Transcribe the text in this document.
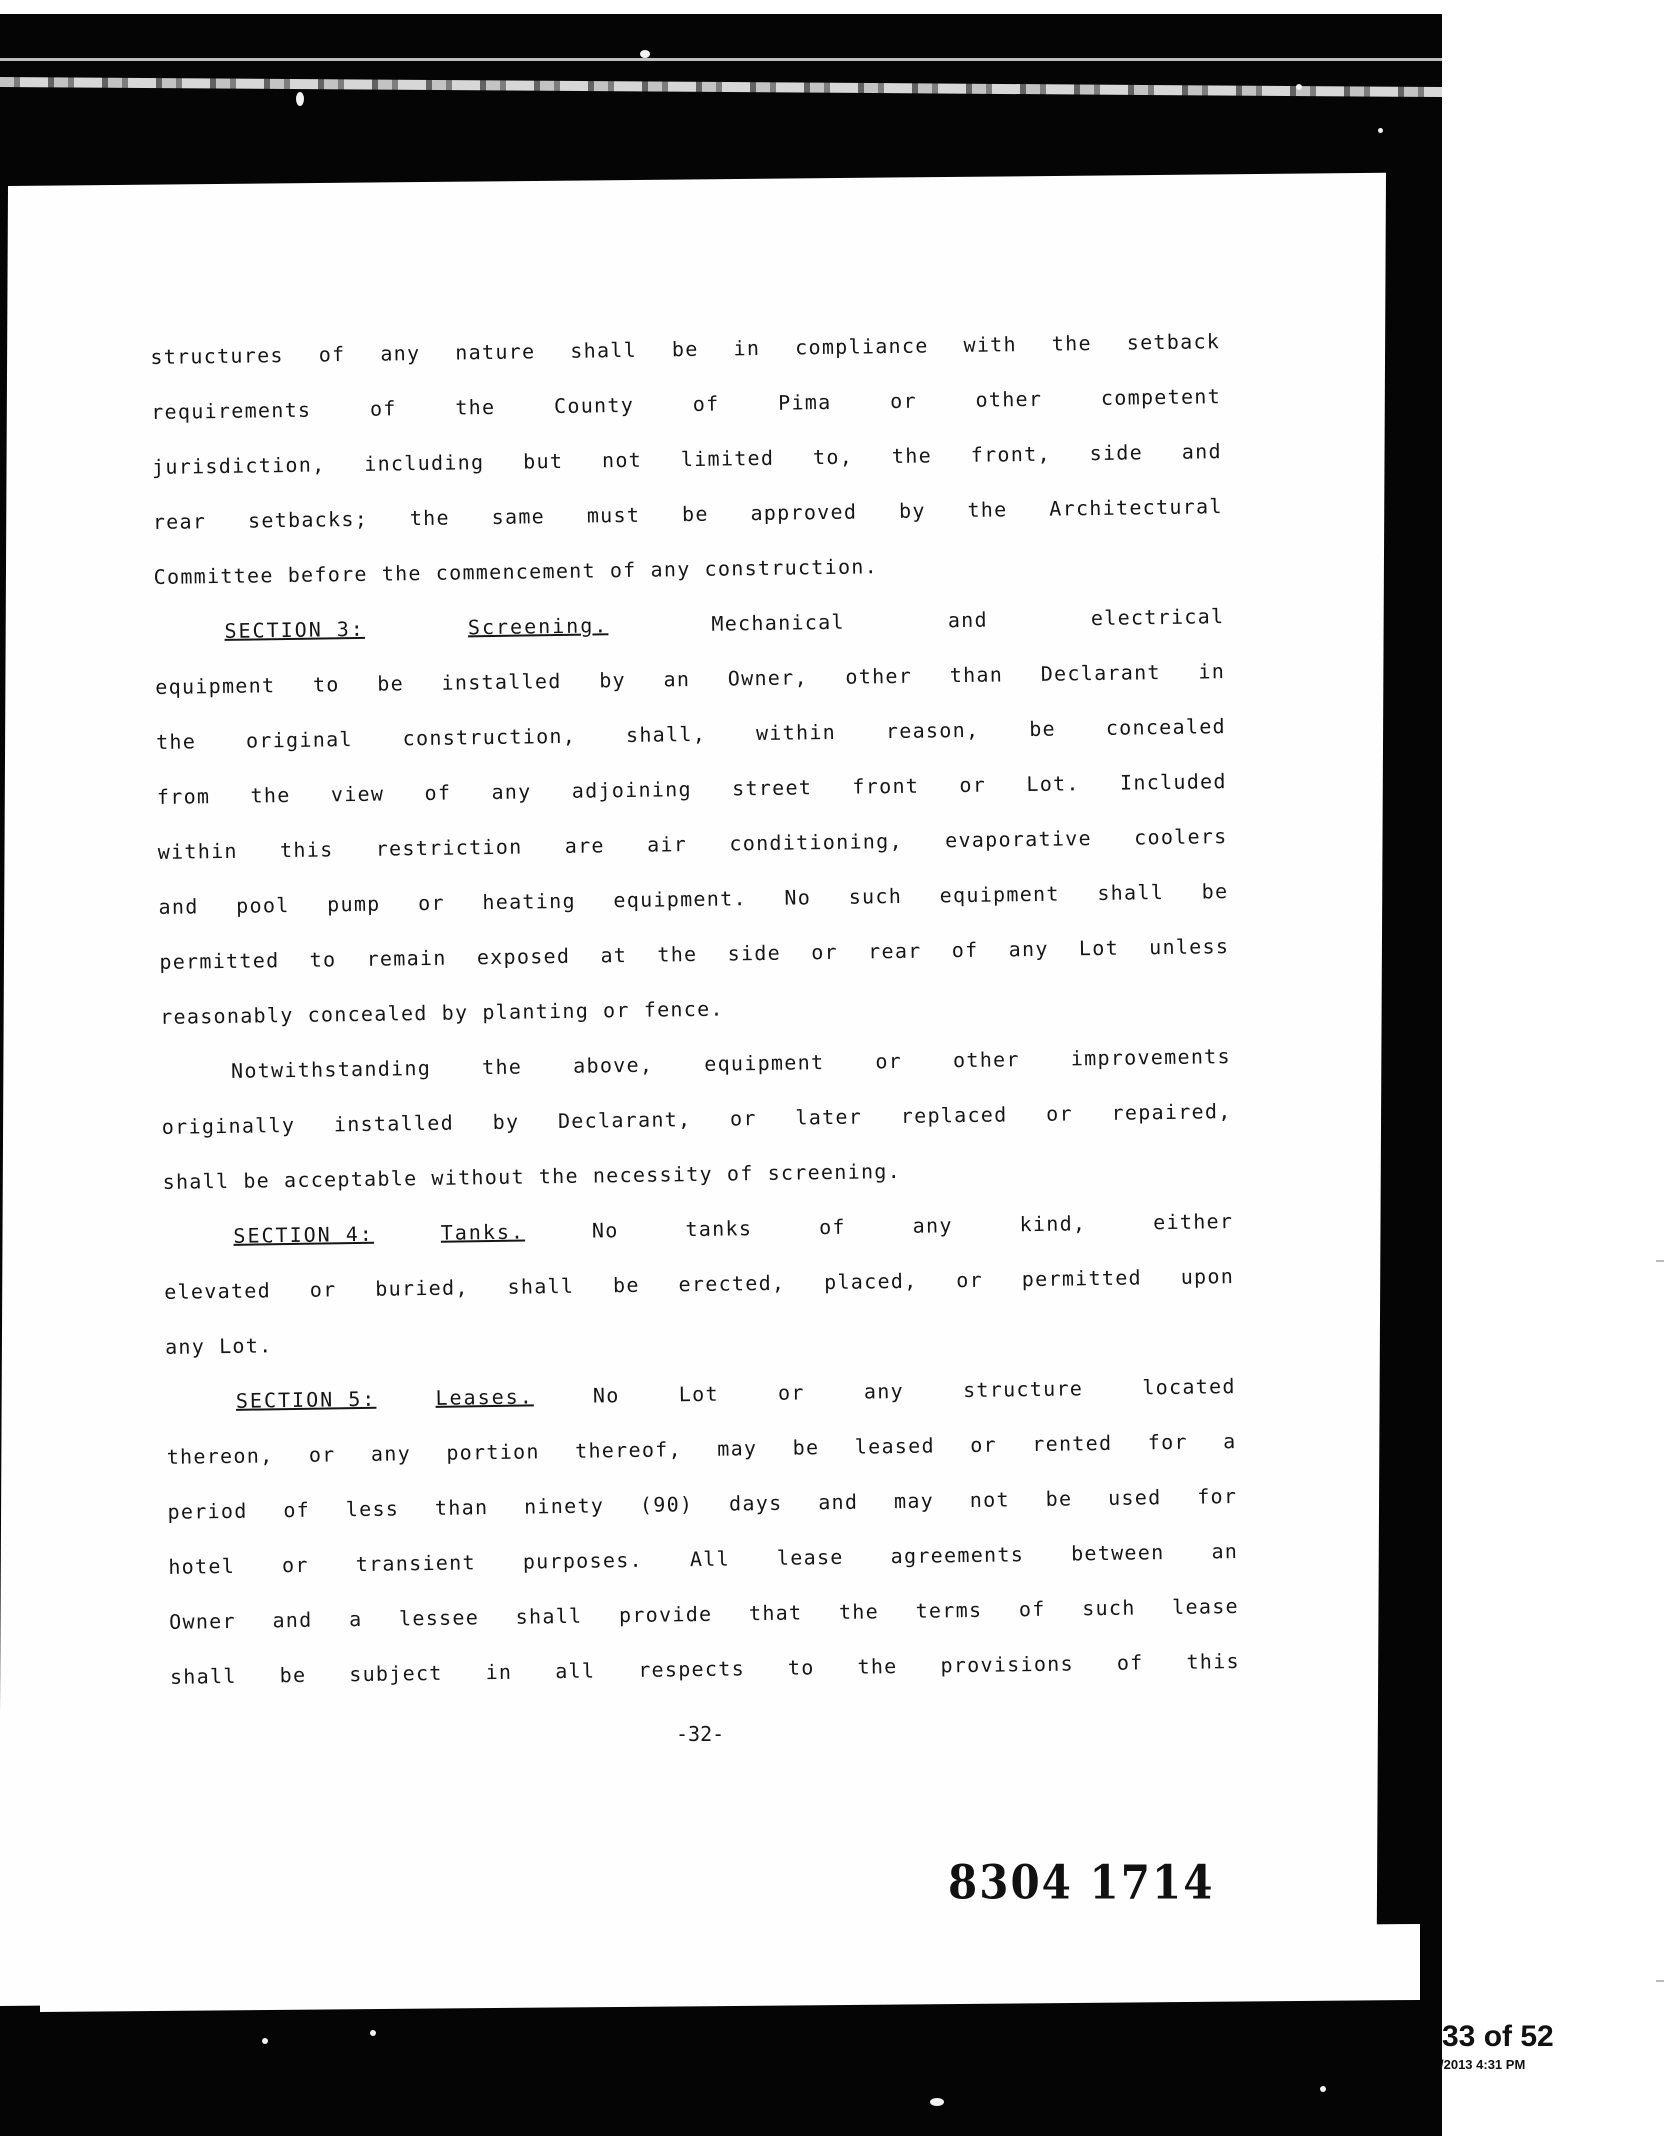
structures of any nature shall be in compliance with the setback
requirements	of	the	County	of	Pima	or	other	competent
jurisdiction, including but not limited to, the front, side and
rear setbacks; the same must be approved by the Architectural
Committee before the commencement of any construction.
SECTION 3:	Screening.	Mechanical	and	electrical
equipment to be installed by an Owner, other than Declarant in
the original construction, shall, within reason, be concealed
from the view of any adjoining street front or Lot. Included
within this restriction are air conditioning, evaporative coolers
and pool pump or heating equipment. No such equipment shall be
permitted to remain exposed at the side or rear of any Lot unless
reasonably concealed by planting or fence.
Notwithstanding	the	above,	equipment	or	other	improvements
originally installed by Declarant, or later replaced or repaired,
shall be acceptable without the necessity of screening.
SECTION 4:	Tanks.	No	tanks	of	any	kind,	either
elevated or buried, shall be erected, placed, or permitted upon
any Lot.
SECTION 5:	Leases.	No	Lot	or	any	structure	located
thereon, or any portion thereof, may be leased or rented for a
period of less than ninety (90) days and may not be used for
hotel or transient purposes. All lease agreements between an
Owner and a lessee shall provide that the terms of such lease
shall be subject in all respects to the provisions of this
-32-
8304 1714
33 of 52
/2013 4:31 PM
